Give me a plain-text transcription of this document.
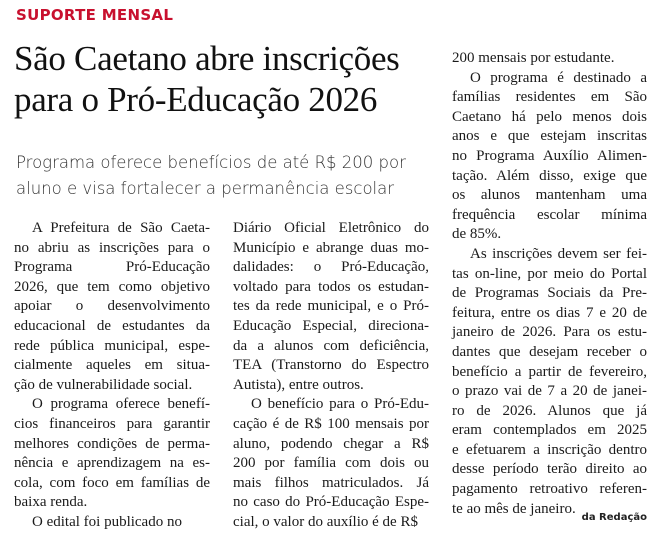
SUPORTE MENSAL
São Caetano abre inscrições
para o Pró-Educação 2026
Programa oferece benefícios de até R$ 200 por
aluno e visa fortalecer a permanência escolar
A Prefeitura de São Caeta-
no abriu as inscrições para o
Programa Pró-Educação
2026, que tem como objetivo
apoiar o desenvolvimento
educacional de estudantes da
rede pública municipal, espe-
cialmente aqueles em situa-
ção de vulnerabilidade social.
O programa oferece benefí-
cios financeiros para garantir
melhores condições de perma-
nência e aprendizagem na es-
cola, com foco em famílias de
baixa renda.
O edital foi publicado no
Diário Oficial Eletrônico do
Município e abrange duas mo-
dalidades: o Pró-Educação,
voltado para todos os estudan-
tes da rede municipal, e o Pró-
Educação Especial, direciona-
da a alunos com deficiência,
TEA (Transtorno do Espectro
Autista), entre outros.
O benefício para o Pró-Edu-
cação é de R$ 100 mensais por
aluno, podendo chegar a R$
200 por família com dois ou
mais filhos matriculados. Já
no caso do Pró-Educação Espe-
cial, o valor do auxílio é de R$
200 mensais por estudante.
O programa é destinado a
famílias residentes em São
Caetano há pelo menos dois
anos e que estejam inscritas
no Programa Auxílio Alimen-
tação. Além disso, exige que
os alunos mantenham uma
frequência escolar mínima
de 85%.
As inscrições devem ser fei-
tas on-line, por meio do Portal
de Programas Sociais da Pre-
feitura, entre os dias 7 e 20 de
janeiro de 2026. Para os estu-
dantes que desejam receber o
benefício a partir de fevereiro,
o prazo vai de 7 a 20 de janei-
ro de 2026. Alunos que já
eram contemplados em 2025
e efetuarem a inscrição dentro
desse período terão direito ao
pagamento retroativo referen-
te ao mês de janeiro.
da Redação
